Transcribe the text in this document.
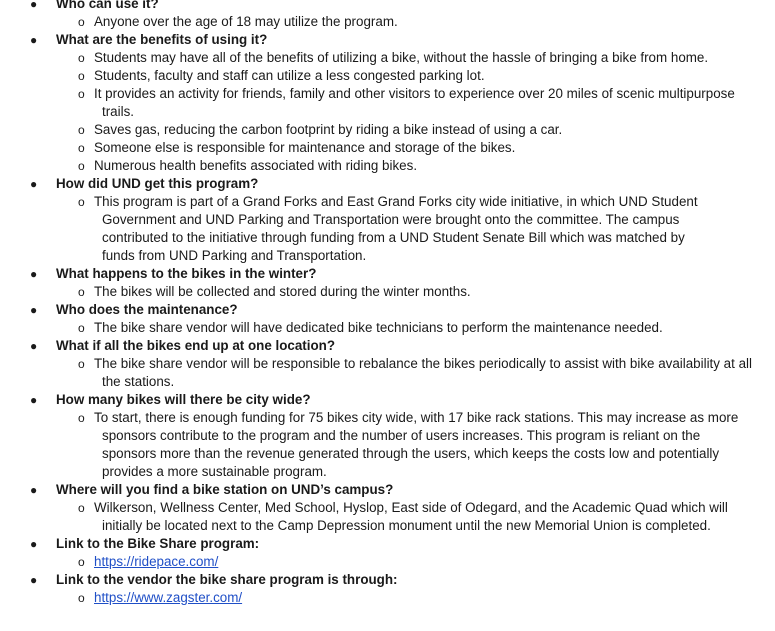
● Who can use it?
o Anyone over the age of 18 may utilize the program.
● What are the benefits of using it?
o Students may have all of the benefits of utilizing a bike, without the hassle of bringing a bike from home.
o Students, faculty and staff can utilize a less congested parking lot.
o It provides an activity for friends, family and other visitors to experience over 20 miles of scenic multipurpose trails.
o Saves gas, reducing the carbon footprint by riding a bike instead of using a car.
o Someone else is responsible for maintenance and storage of the bikes.
o Numerous health benefits associated with riding bikes.
● How did UND get this program?
o This program is part of a Grand Forks and East Grand Forks city wide initiative, in which UND Student Government and UND Parking and Transportation were brought onto the committee. The campus contributed to the initiative through funding from a UND Student Senate Bill which was matched by funds from UND Parking and Transportation.
● What happens to the bikes in the winter?
o The bikes will be collected and stored during the winter months.
● Who does the maintenance?
o The bike share vendor will have dedicated bike technicians to perform the maintenance needed.
● What if all the bikes end up at one location?
o The bike share vendor will be responsible to rebalance the bikes periodically to assist with bike availability at all the stations.
● How many bikes will there be city wide?
o To start, there is enough funding for 75 bikes city wide, with 17 bike rack stations. This may increase as more sponsors contribute to the program and the number of users increases. This program is reliant on the sponsors more than the revenue generated through the users, which keeps the costs low and potentially provides a more sustainable program.
● Where will you find a bike station on UND’s campus?
o Wilkerson, Wellness Center, Med School, Hyslop, East side of Odegard, and the Academic Quad which will initially be located next to the Camp Depression monument until the new Memorial Union is completed.
● Link to the Bike Share program:
o https://ridepace.com/
● Link to the vendor the bike share program is through:
o https://www.zagster.com/
